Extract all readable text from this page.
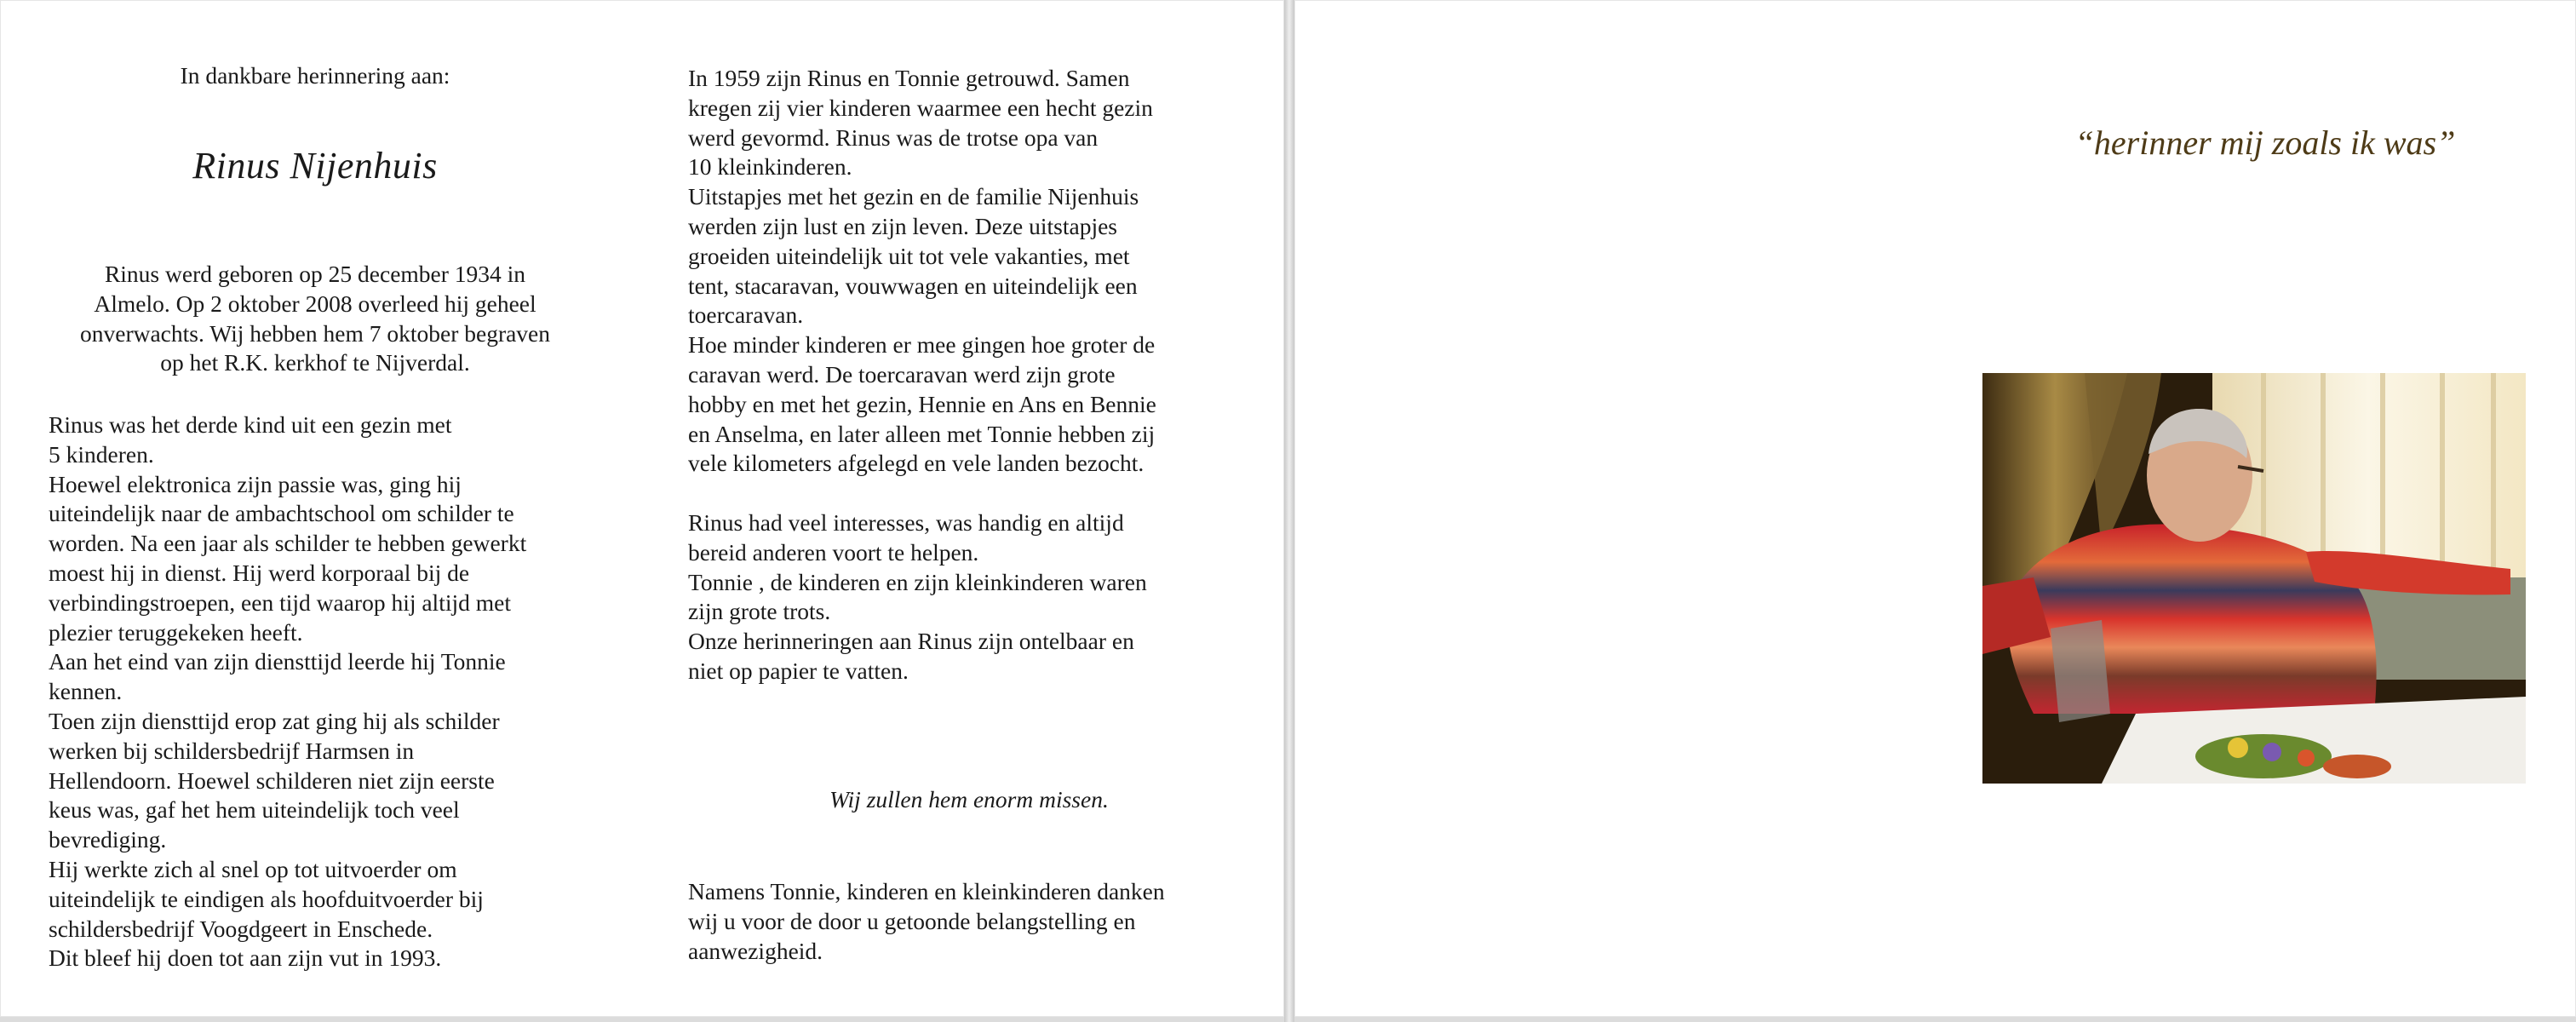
In dankbare herinnering aan:
Rinus Nijenhuis

Rinus werd geboren op 25 december 1934 in
Almelo. Op 2 oktober 2008 overleed hij geheel
onverwachts. Wij hebben hem 7 oktober begraven
op het R.K. kerkhof te Nijverdal.

Rinus was het derde kind uit een gezin met
5 kinderen.
Hoewel elektronica zijn passie was, ging hij
uiteindelijk naar de ambachtschool om schilder te
worden. Na een jaar als schilder te hebben gewerkt
moest hij in dienst. Hij werd korporaal bij de
verbindingstroepen, een tijd waarop hij altijd met
plezier teruggekeken heeft.
Aan het eind van zijn diensttijd leerde hij Tonnie
kennen.
Toen zijn diensttijd erop zat ging hij als schilder
werken bij schildersbedrijf Harmsen in
Hellendoorn. Hoewel schilderen niet zijn eerste
keus was, gaf het hem uiteindelijk toch veel
bevrediging.
Hij werkte zich al snel op tot uitvoerder om
uiteindelijk te eindigen als hoofduitvoerder bij
schildersbedrijf Voogdgeert in Enschede.
Dit bleef hij doen tot aan zijn vut in 1993.

In 1959 zijn Rinus en Tonnie getrouwd. Samen
kregen zij vier kinderen waarmee een hecht gezin
werd gevormd. Rinus was de trotse opa van
10 kleinkinderen.
Uitstapjes met het gezin en de familie Nijenhuis
werden zijn lust en zijn leven. Deze uitstapjes
groeiden uiteindelijk uit tot vele vakanties, met
tent, stacaravan, vouwwagen en uiteindelijk een
toercaravan.
Hoe minder kinderen er mee gingen hoe groter de
caravan werd. De toercaravan werd zijn grote
hobby en met het gezin, Hennie en Ans en Bennie
en Anselma, en later alleen met Tonnie hebben zij
vele kilometers afgelegd en vele landen bezocht.

Rinus had veel interesses, was handig en altijd
bereid anderen voort te helpen.
Tonnie , de kinderen en zijn kleinkinderen waren
zijn grote trots.
Onze herinneringen aan Rinus zijn ontelbaar en
niet op papier te vatten.

Wij zullen hem enorm missen.

Namens Tonnie, kinderen en kleinkinderen danken
wij u voor de door u getoonde belangstelling en
aanwezigheid.

“herinner mij zoals ik was”
